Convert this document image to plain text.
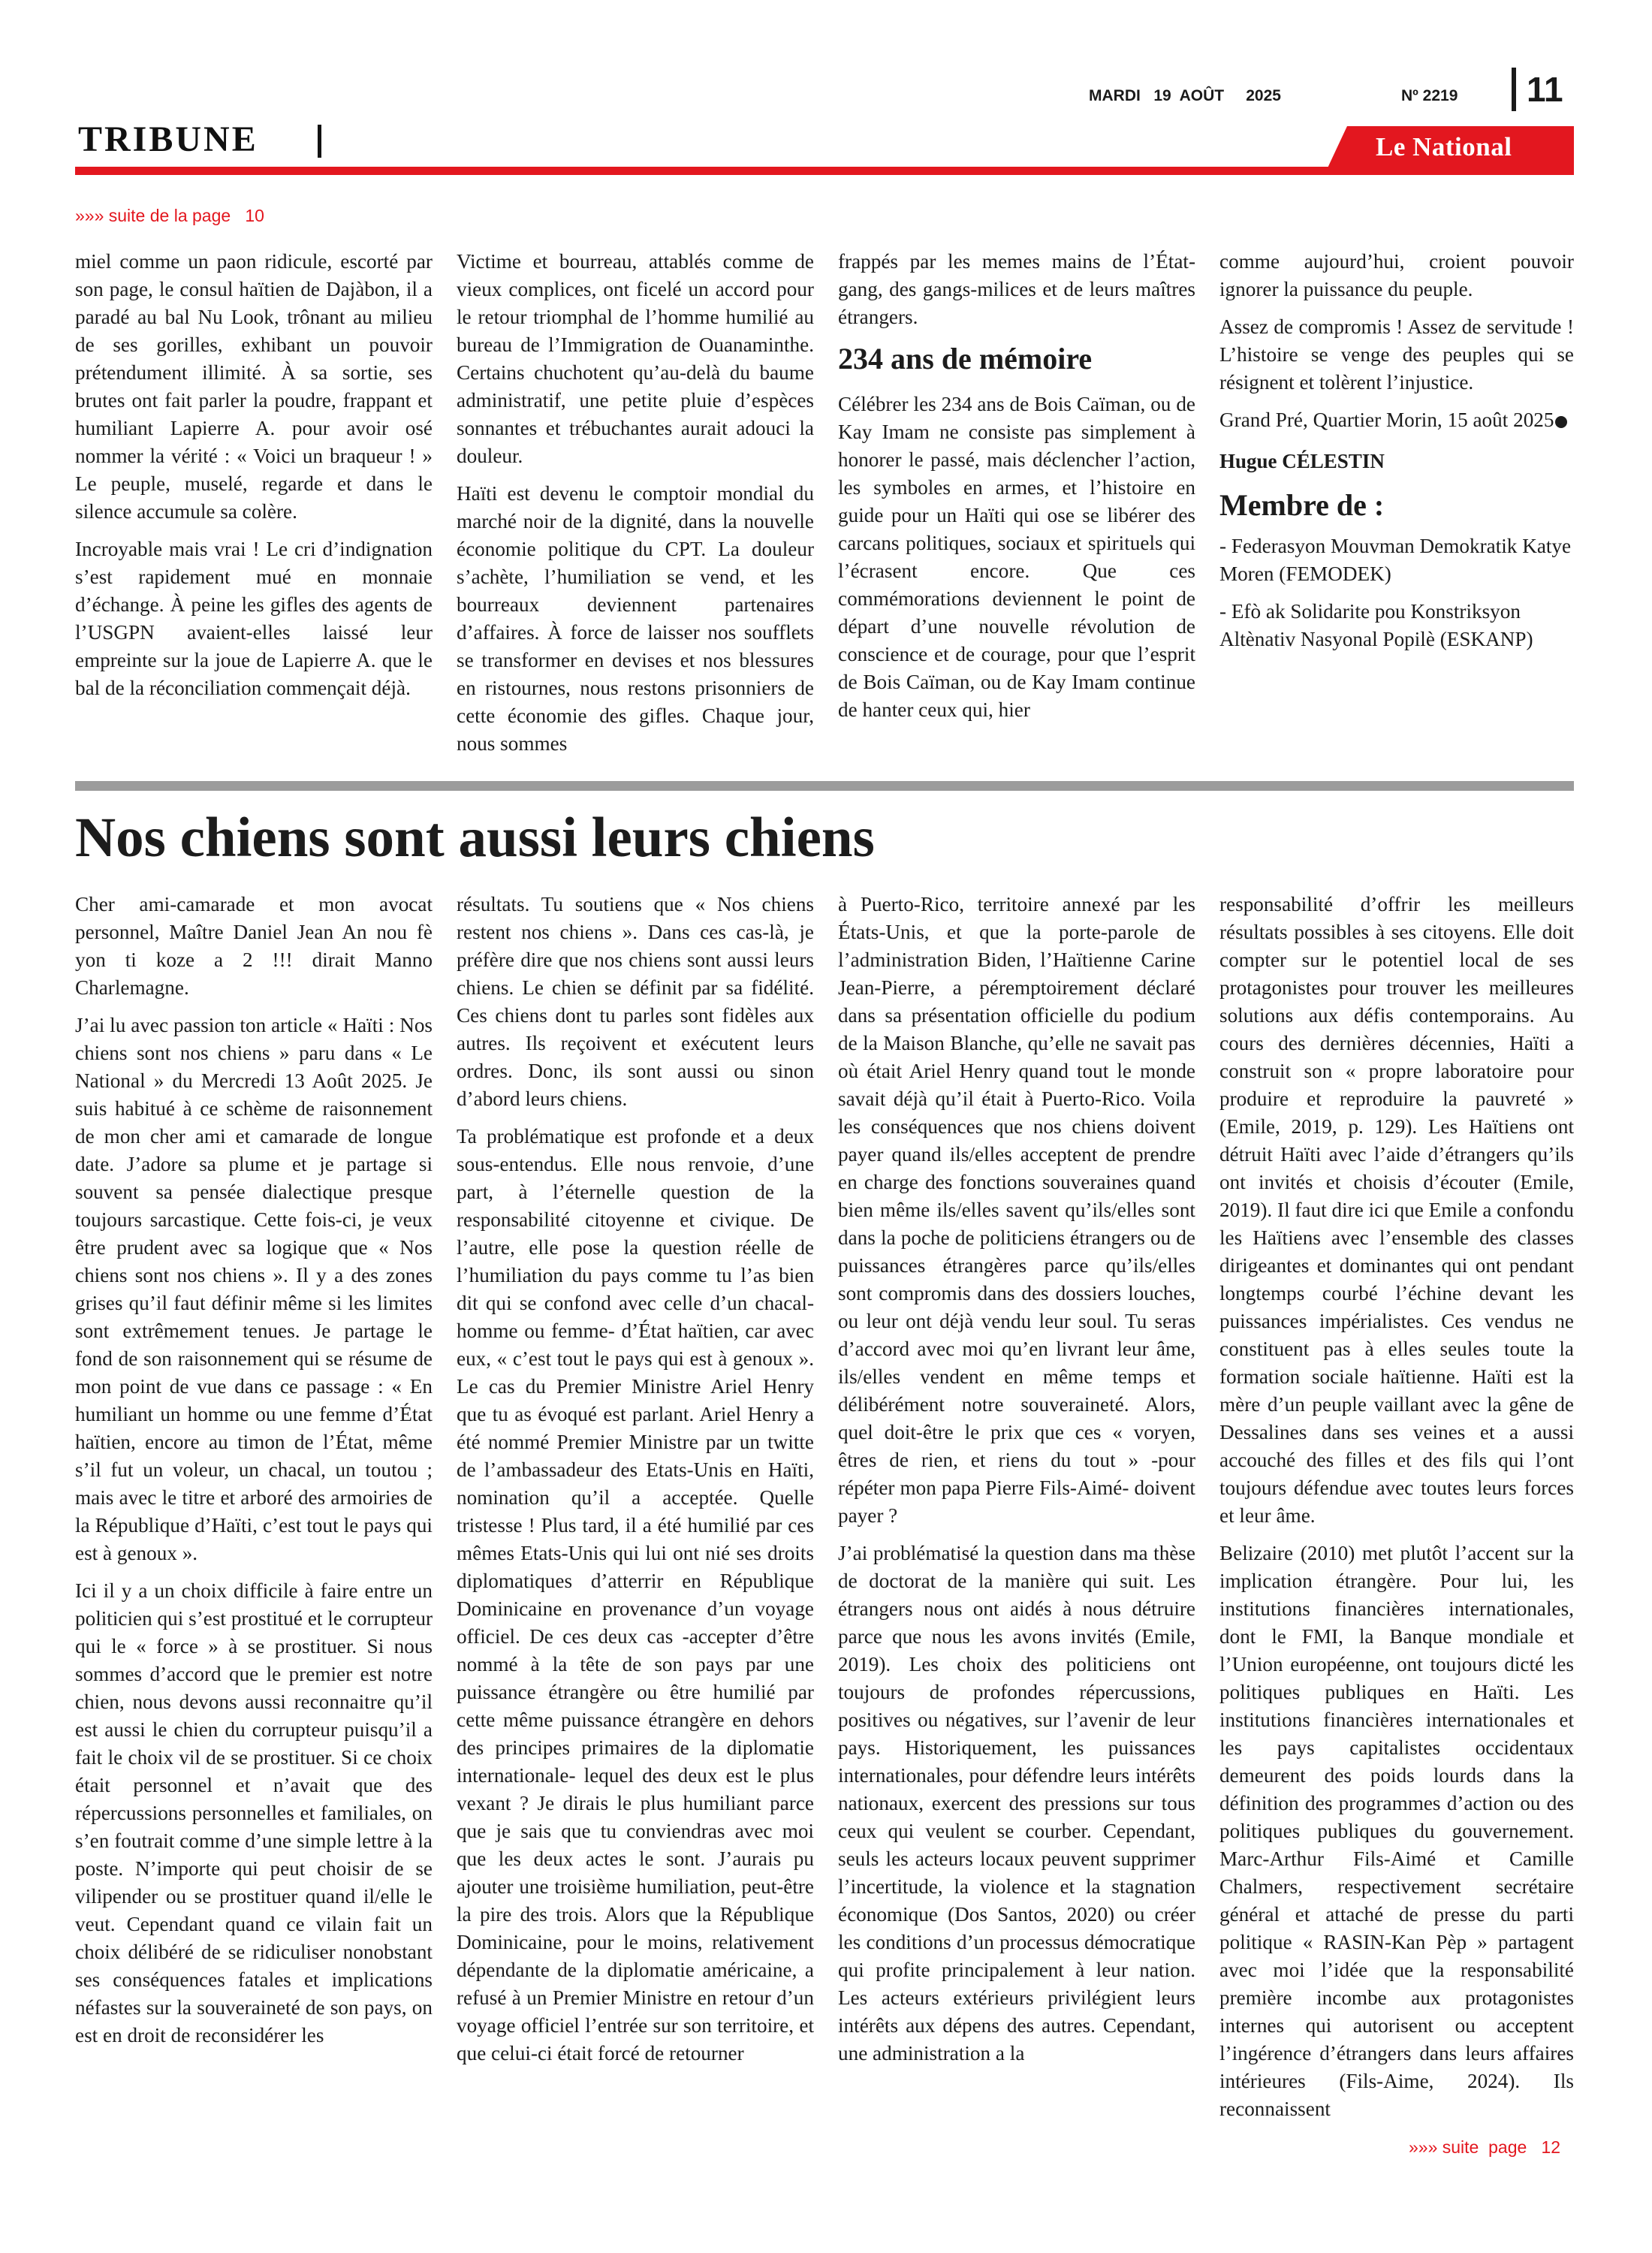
MARDI   19  AOÛT     2025	Nº 2219	11
TRIBUNE	Le National
»»» suite de la page   10

miel comme un paon ridicule, escorté par son page, le consul haïtien de Dajàbon, il a paradé au bal Nu Look, trônant au milieu de ses gorilles, exhibant un pouvoir prétendument illimité. À sa sortie, ses brutes ont fait parler la poudre, frappant et humiliant Lapierre A. pour avoir osé nommer la vérité : « Voici un braqueur ! » Le peuple, muselé, regarde et dans le silence accumule sa colère.

Incroyable mais vrai ! Le cri d’indignation s’est rapidement mué en monnaie d’échange. À peine les gifles des agents de l’USGPN avaient-elles laissé leur empreinte sur la joue de Lapierre A. que le bal de la réconciliation commençait déjà.

Victime et bourreau, attablés comme de vieux complices, ont ficelé un accord pour le retour triomphal de l’homme humilié au bureau de l’Immigration de Ouanaminthe. Certains chuchotent qu’au-delà du baume administratif, une petite pluie d’espèces sonnantes et trébuchantes aurait adouci la douleur.

Haïti est devenu le comptoir mondial du marché noir de la dignité, dans la nouvelle économie politique du CPT. La douleur s’achète, l’humiliation se vend, et les bourreaux deviennent partenaires d’affaires. À force de laisser nos soufflets se transformer en devises et nos blessures en ristournes, nous restons prisonniers de cette économie des gifles. Chaque jour, nous sommes

frappés par les memes mains de l’État-gang, des gangs-milices et de leurs maîtres étrangers.

234 ans de mémoire

Célébrer les 234 ans de Bois Caïman, ou de Kay Imam ne consiste pas simplement à honorer le passé, mais déclencher l’action, les symboles en armes, et l’histoire en guide pour un Haïti qui ose se libérer des carcans politiques, sociaux et spirituels qui l’écrasent encore. Que ces commémorations deviennent le point de départ d’une nouvelle révolution de conscience et de courage, pour que l’esprit de Bois Caïman, ou de Kay Imam continue de hanter ceux qui, hier

comme aujourd’hui, croient pouvoir ignorer la puissance du peuple.

Assez de compromis ! Assez de servitude ! L’histoire se venge des peuples qui se résignent et tolèrent l’injustice.

Grand Pré, Quartier Morin, 15 août 2025

Hugue CÉLESTIN
Membre de :

- Federasyon Mouvman Demokratik Katye Moren (FEMODEK)

- Efò ak Solidarite pou Konstriksyon Altènativ Nasyonal Popilè (ESKANP)

Nos chiens sont aussi leurs chiens

Cher ami-camarade et mon avocat personnel, Maître Daniel Jean An nou fè yon ti koze a 2 !!! dirait Manno Charlemagne.

J’ai lu avec passion ton article « Haïti : Nos chiens sont nos chiens » paru dans « Le National » du Mercredi 13 Août 2025. Je suis habitué à ce schème de raisonnement de mon cher ami et camarade de longue date. J’adore sa plume et je partage si souvent sa pensée dialectique presque toujours sarcastique. Cette fois-ci, je veux être prudent avec sa logique que « Nos chiens sont nos chiens ». Il y a des zones grises qu’il faut définir même si les limites sont extrêmement tenues. Je partage le fond de son raisonnement qui se résume de mon point de vue dans ce passage : « En humiliant un homme ou une femme d’État haïtien, encore au timon de l’État, même s’il fut un voleur, un chacal, un toutou ; mais avec le titre et arboré des armoiries de la République d’Haïti, c’est tout le pays qui est à genoux ».

Ici il y a un choix difficile à faire entre un politicien qui s’est prostitué et le corrupteur qui le « force » à se prostituer. Si nous sommes d’accord que le premier est notre chien, nous devons aussi reconnaitre qu’il est aussi le chien du corrupteur puisqu’il a fait le choix vil de se prostituer. Si ce choix était personnel et n’avait que des répercussions personnelles et familiales, on s’en foutrait comme d’une simple lettre à la poste. N’importe qui peut choisir de se vilipender ou se prostituer quand il/elle le veut. Cependant quand ce vilain fait un choix délibéré de se ridiculiser nonobstant ses conséquences fatales et implications néfastes sur la souveraineté de son pays, on est en droit de reconsidérer les

résultats. Tu soutiens que « Nos chiens restent nos chiens ». Dans ces cas-là, je préfère dire que nos chiens sont aussi leurs chiens. Le chien se définit par sa fidélité. Ces chiens dont tu parles sont fidèles aux autres. Ils reçoivent et exécutent leurs ordres. Donc, ils sont aussi ou sinon d’abord leurs chiens.

Ta problématique est profonde et a deux sous-entendus. Elle nous renvoie, d’une part, à l’éternelle question de la responsabilité citoyenne et civique. De l’autre, elle pose la question réelle de l’humiliation du pays comme tu l’as bien dit qui se confond avec celle d’un chacal- homme ou femme- d’État haïtien, car avec eux, « c’est tout le pays qui est à genoux ». Le cas du Premier Ministre Ariel Henry que tu as évoqué est parlant. Ariel Henry a été nommé Premier Ministre par un twitte de l’ambassadeur des Etats-Unis en Haïti, nomination qu’il a acceptée. Quelle tristesse ! Plus tard, il a été humilié par ces mêmes Etats-Unis qui lui ont nié ses droits diplomatiques d’atterrir en République Dominicaine en provenance d’un voyage officiel. De ces deux cas -accepter d’être nommé à la tête de son pays par une puissance étrangère ou être humilié par cette même puissance étrangère en dehors des principes primaires de la diplomatie internationale- lequel des deux est le plus vexant ? Je dirais le plus humiliant parce que je sais que tu conviendras avec moi que les deux actes le sont. J’aurais pu ajouter une troisième humiliation, peut-être la pire des trois. Alors que la République Dominicaine, pour le moins, relativement dépendante de la diplomatie américaine, a refusé à un Premier Ministre en retour d’un voyage officiel l’entrée sur son territoire, et que celui-ci était forcé de retourner

à Puerto-Rico, territoire annexé par les États-Unis, et que la porte-parole de l’administration Biden, l’Haïtienne Carine Jean-Pierre, a péremptoirement déclaré dans sa présentation officielle du podium de la Maison Blanche, qu’elle ne savait pas où était Ariel Henry quand tout le monde savait déjà qu’il était à Puerto-Rico. Voila les conséquences que nos chiens doivent payer quand ils/elles acceptent de prendre en charge des fonctions souveraines quand bien même ils/elles savent qu’ils/elles sont dans la poche de politiciens étrangers ou de puissances étrangères parce qu’ils/elles sont compromis dans des dossiers louches, ou leur ont déjà vendu leur soul. Tu seras d’accord avec moi qu’en livrant leur âme, ils/elles vendent en même temps et délibérément notre souveraineté. Alors, quel doit-être le prix que ces « voryen, êtres de rien, et riens du tout » -pour répéter mon papa Pierre Fils-Aimé- doivent payer ?

J’ai problématisé la question dans ma thèse de doctorat de la manière qui suit. Les étrangers nous ont aidés à nous détruire parce que nous les avons invités (Emile, 2019). Les choix des politiciens ont toujours de profondes répercussions, positives ou négatives, sur l’avenir de leur pays. Historiquement, les puissances internationales, pour défendre leurs intérêts nationaux, exercent des pressions sur tous ceux qui veulent se courber. Cependant, seuls les acteurs locaux peuvent supprimer l’incertitude, la violence et la stagnation économique (Dos Santos, 2020) ou créer les conditions d’un processus démocratique qui profite principalement à leur nation. Les acteurs extérieurs privilégient leurs intérêts aux dépens des autres. Cependant, une administration a la

responsabilité d’offrir les meilleurs résultats possibles à ses citoyens. Elle doit compter sur le potentiel local de ses protagonistes pour trouver les meilleures solutions aux défis contemporains. Au cours des dernières décennies, Haïti a construit son « propre laboratoire pour produire et reproduire la pauvreté » (Emile, 2019, p. 129). Les Haïtiens ont détruit Haïti avec l’aide d’étrangers qu’ils ont invités et choisis d’écouter (Emile, 2019). Il faut dire ici que Emile a confondu les Haïtiens avec l’ensemble des classes dirigeantes et dominantes qui ont pendant longtemps courbé l’échine devant les puissances impérialistes. Ces vendus ne constituent pas à elles seules toute la formation sociale haïtienne. Haïti est la mère d’un peuple vaillant avec la gêne de Dessalines dans ses veines et a aussi accouché des filles et des fils qui l’ont toujours défendue avec toutes leurs forces et leur âme.

Belizaire (2010) met plutôt l’accent sur la implication étrangère. Pour lui, les institutions financières internationales, dont le FMI, la Banque mondiale et l’Union européenne, ont toujours dicté les politiques publiques en Haïti. Les institutions financières internationales et les pays capitalistes occidentaux demeurent des poids lourds dans la définition des programmes d’action ou des politiques publiques du gouvernement. Marc-Arthur Fils-Aimé et Camille Chalmers, respectivement secrétaire général et attaché de presse du parti politique « RASIN-Kan Pèp » partagent avec moi l’idée que la responsabilité première incombe aux protagonistes internes qui autorisent ou acceptent l’ingérence d’étrangers dans leurs affaires intérieures (Fils-Aime, 2024). Ils reconnaissent

»»» suite  page   12
